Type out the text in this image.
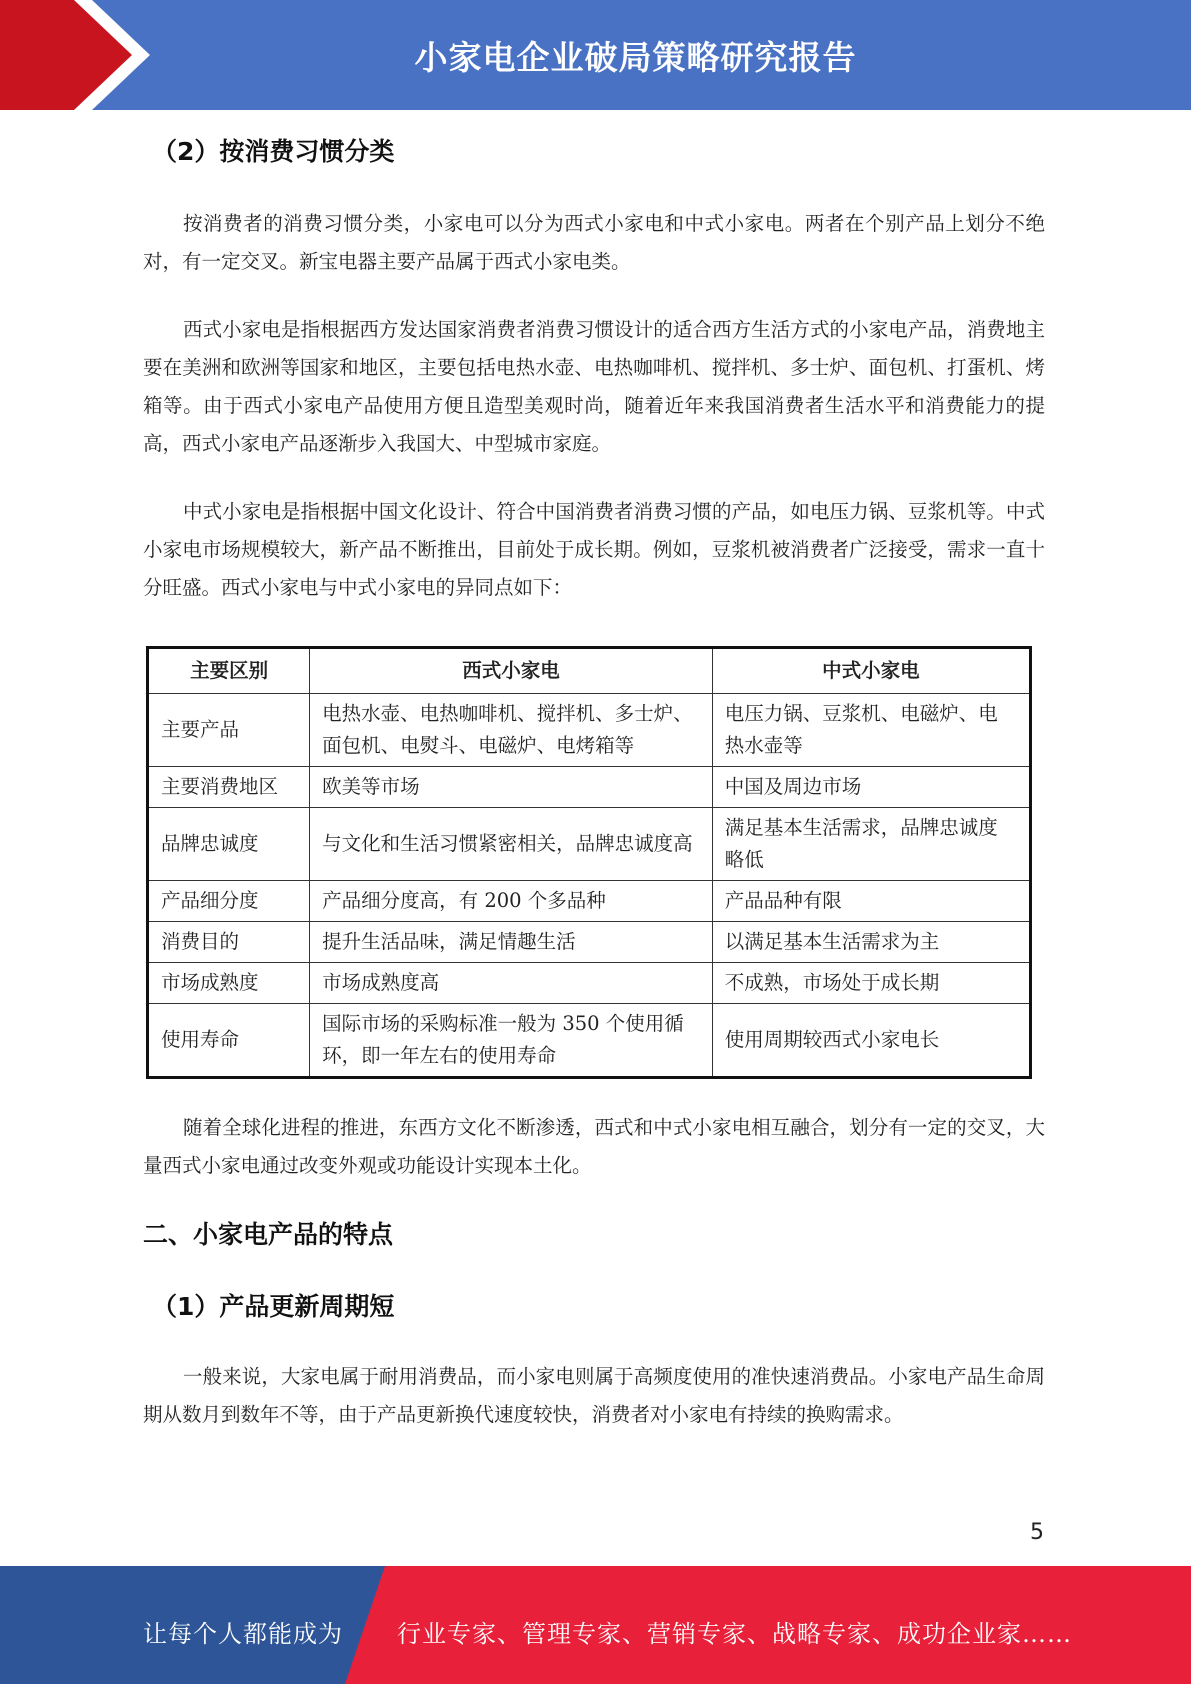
小家电企业破局策略研究报告
（2）按消费习惯分类

按消费者的消费习惯分类，小家电可以分为西式小家电和中式小家电。两者在个别产品上划分不绝对，有一定交叉。新宝电器主要产品属于西式小家电类。

西式小家电是指根据西方发达国家消费者消费习惯设计的适合西方生活方式的小家电产品，消费地主要在美洲和欧洲等国家和地区，主要包括电热水壶、电热咖啡机、搅拌机、多士炉、面包机、打蛋机、烤箱等。由于西式小家电产品使用方便且造型美观时尚，随着近年来我国消费者生活水平和消费能力的提高，西式小家电产品逐渐步入我国大、中型城市家庭。

中式小家电是指根据中国文化设计、符合中国消费者消费习惯的产品，如电压力锅、豆浆机等。中式小家电市场规模较大，新产品不断推出，目前处于成长期。例如，豆浆机被消费者广泛接受，需求一直十分旺盛。西式小家电与中式小家电的异同点如下：

主要区别	西式小家电	中式小家电
主要产品	电热水壶、电热咖啡机、搅拌机、多士炉、面包机、电熨斗、电磁炉、电烤箱等	电压力锅、豆浆机、电磁炉、电热水壶等
主要消费地区	欧美等市场	中国及周边市场
品牌忠诚度	与文化和生活习惯紧密相关，品牌忠诚度高	满足基本生活需求，品牌忠诚度略低
产品细分度	产品细分度高，有 200 个多品种	产品品种有限
消费目的	提升生活品味，满足情趣生活	以满足基本生活需求为主
市场成熟度	市场成熟度高	不成熟，市场处于成长期
使用寿命	国际市场的采购标准一般为 350 个使用循环，即一年左右的使用寿命	使用周期较西式小家电长

随着全球化进程的推进，东西方文化不断渗透，西式和中式小家电相互融合，划分有一定的交叉，大量西式小家电通过改变外观或功能设计实现本土化。

二、小家电产品的特点
（1）产品更新周期短

一般来说，大家电属于耐用消费品，而小家电则属于高频度使用的准快速消费品。小家电产品生命周期从数月到数年不等，由于产品更新换代速度较快，消费者对小家电有持续的换购需求。

5
让每个人都能成为 行业专家、管理专家、营销专家、战略专家、成功企业家……
